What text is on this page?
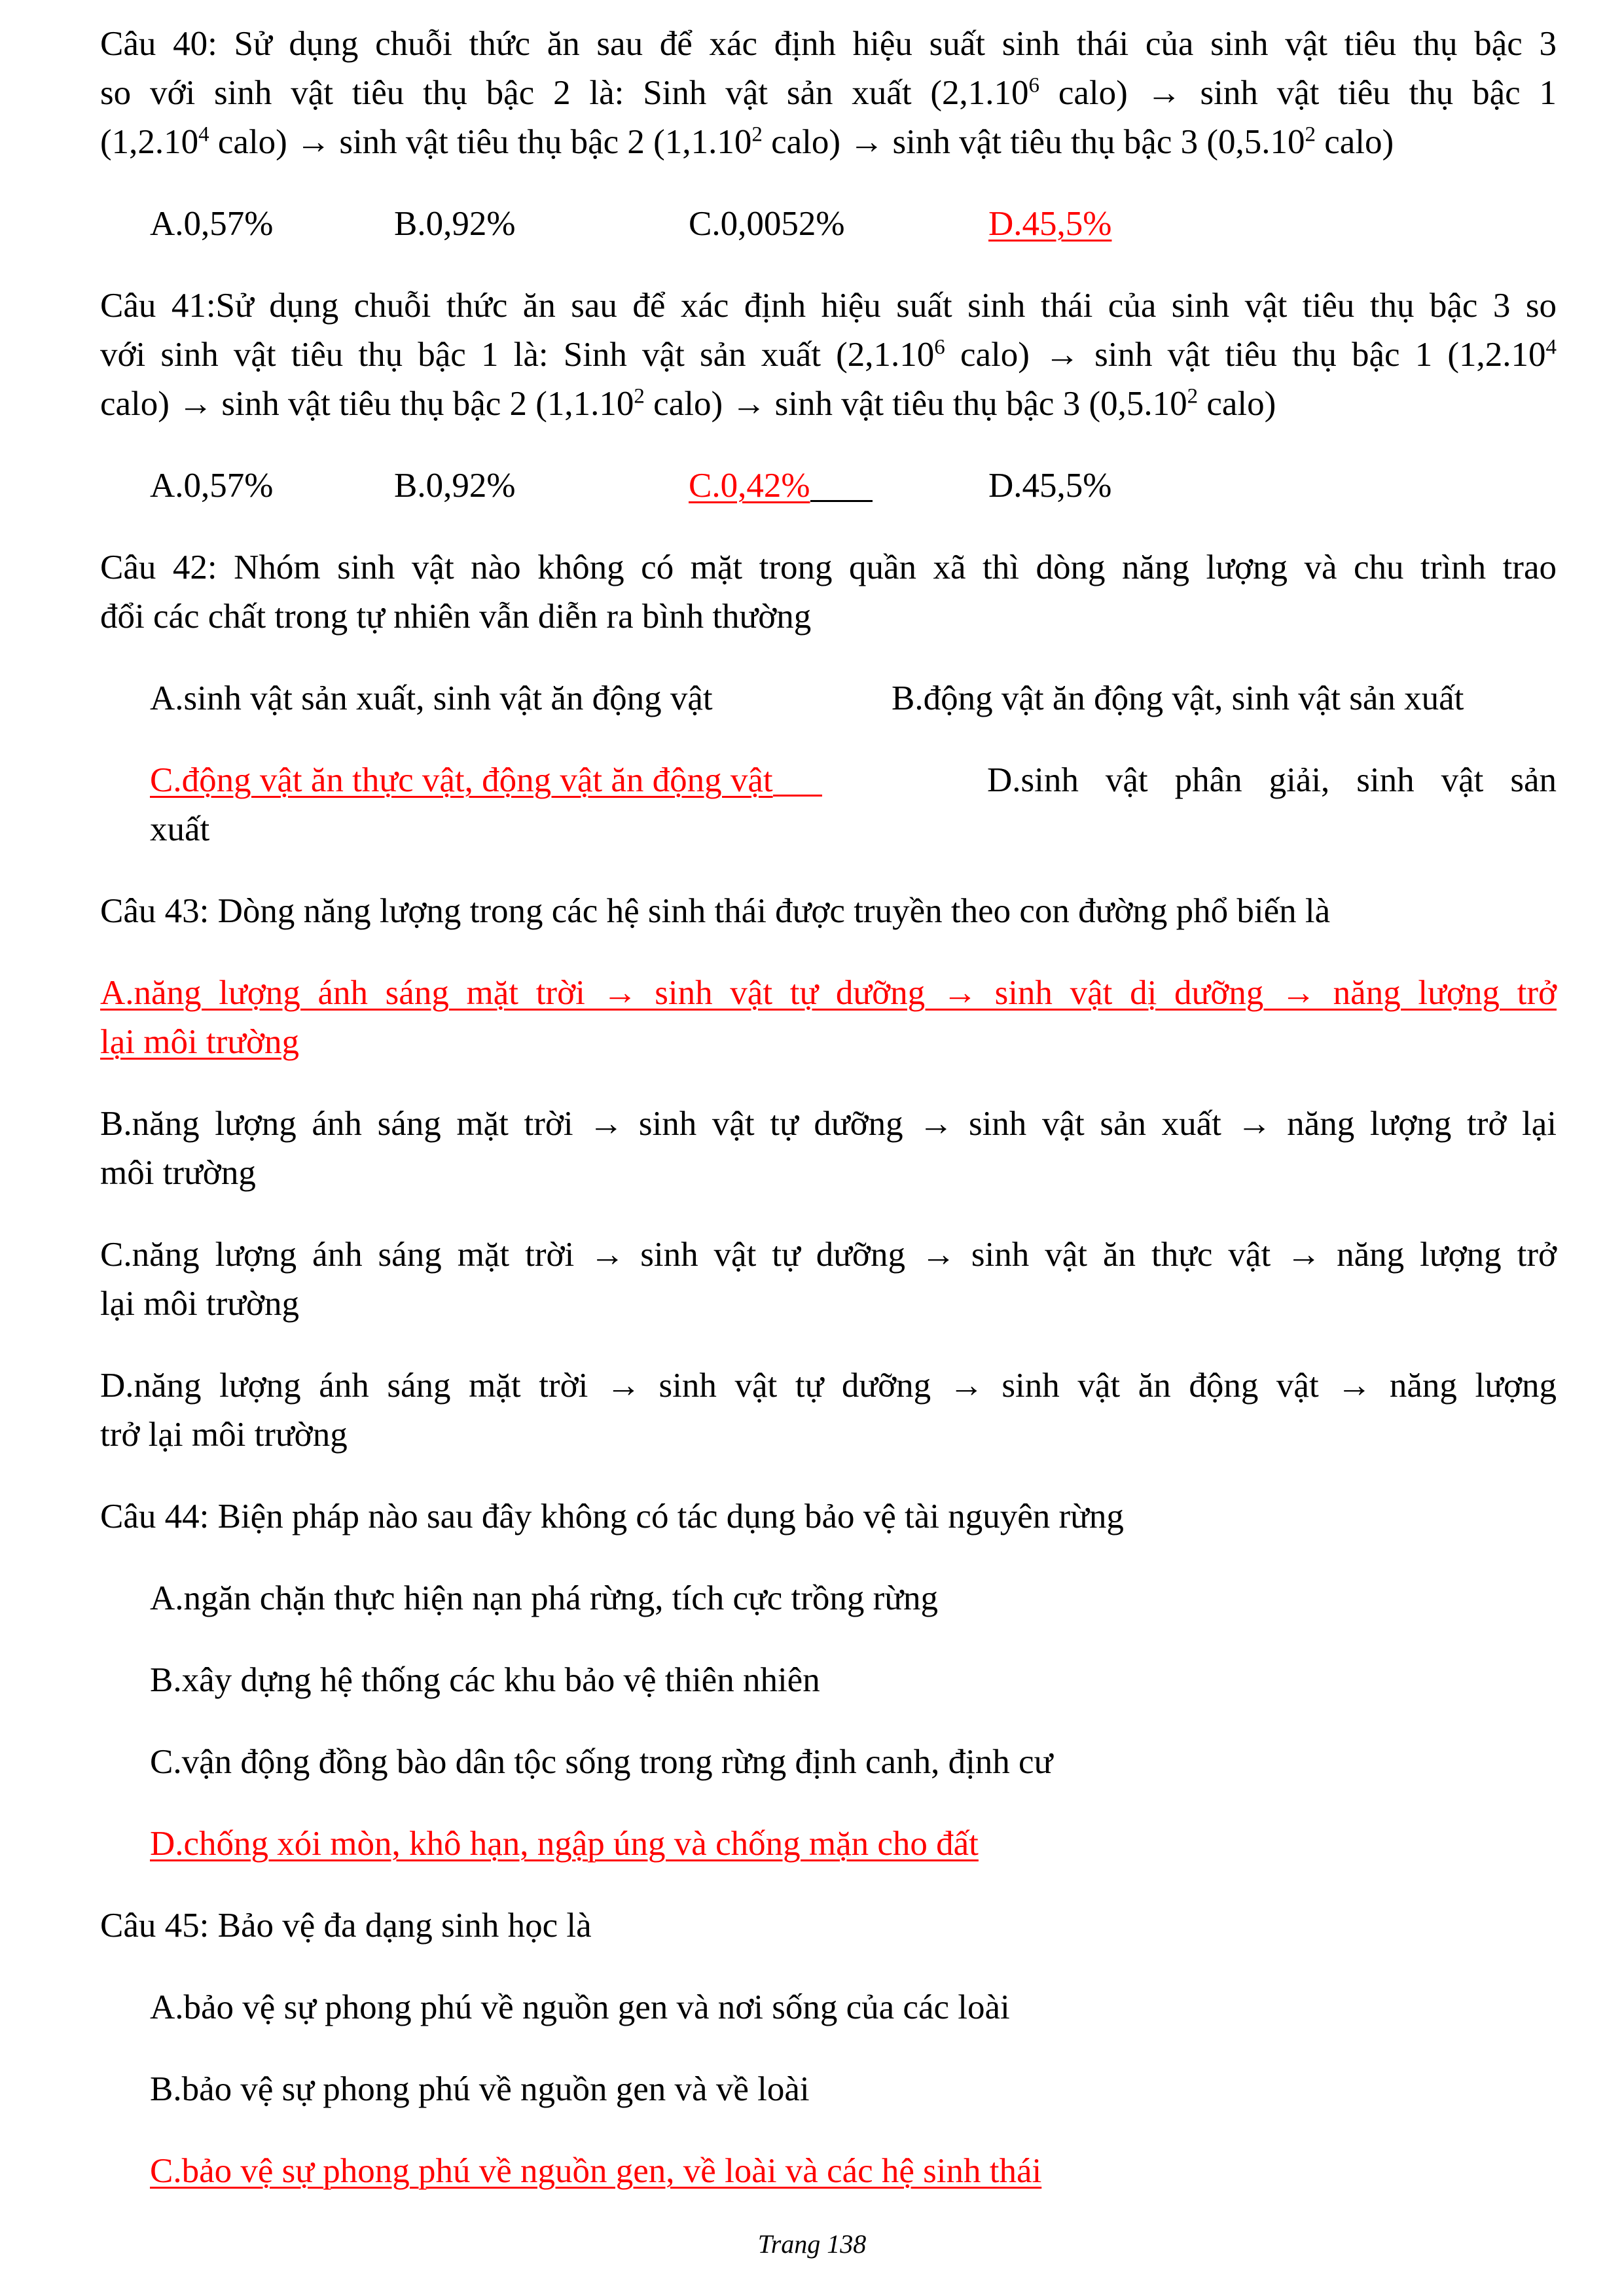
Câu 40: Sử dụng chuỗi thức ăn sau để xác định hiệu suất sinh thái của sinh vật tiêu thụ bậc 3

so với sinh vật tiêu thụ bậc 2 là: Sinh vật sản xuất (2,1.10$^6$ calo) → sinh vật tiêu thụ bậc 1

(1,2.10$^4$ calo) → sinh vật tiêu thụ bậc 2 (1,1.10$^2$ calo) → sinh vật tiêu thụ bậc 3 (0,5.10$^2$ calo)

A.0,57%	B.0,92%	C.0,0052%	D.45,5%

Câu 41:Sử dụng chuỗi thức ăn sau để xác định hiệu suất sinh thái của sinh vật tiêu thụ bậc 3 so

với sinh vật tiêu thụ bậc 1 là: Sinh vật sản xuất (2,1.10$^6$ calo) → sinh vật tiêu thụ bậc 1 (1,2.10$^4$

calo) → sinh vật tiêu thụ bậc 2 (1,1.10$^2$ calo) → sinh vật tiêu thụ bậc 3 (0,5.10$^2$ calo)

A.0,57%	B.0,92%	C.0,42%	D.45,5%

Câu 42: Nhóm sinh vật nào không có mặt trong quần xã thì dòng năng lượng và chu trình trao

đổi các chất trong tự nhiên vẫn diễn ra bình thường

A.sinh vật sản xuất, sinh vật ăn động vật	B.động vật ăn động vật, sinh vật sản xuất
C.động vật ăn thực vật, động vật ăn động vật	D.sinh vật phân giải, sinh vật sản

xuất

Câu 43: Dòng năng lượng trong các hệ sinh thái được truyền theo con đường phổ biến là

A.năng lượng ánh sáng mặt trời → sinh vật tự dưỡng → sinh vật dị dưỡng → năng lượng trở

lại môi trường

B.năng lượng ánh sáng mặt trời → sinh vật tự dưỡng → sinh vật sản xuất → năng lượng trở lại

môi trường

C.năng lượng ánh sáng mặt trời → sinh vật tự dưỡng → sinh vật ăn thực vật → năng lượng trở

lại môi trường

D.năng lượng ánh sáng mặt trời → sinh vật tự dưỡng → sinh vật ăn động vật → năng lượng

trở lại môi trường

Câu 44: Biện pháp nào sau đây không có tác dụng bảo vệ tài nguyên rừng

A.ngăn chặn thực hiện nạn phá rừng, tích cực trồng rừng

B.xây dựng hệ thống các khu bảo vệ thiên nhiên

C.vận động đồng bào dân tộc sống trong rừng định canh, định cư

D.chống xói mòn, khô hạn, ngập úng và chống mặn cho đất

Câu 45: Bảo vệ đa dạng sinh học là

A.bảo vệ sự phong phú về nguồn gen và nơi sống của các loài

B.bảo vệ sự phong phú về nguồn gen và về loài

C.bảo vệ sự phong phú về nguồn gen, về loài và các hệ sinh thái

Trang 138
